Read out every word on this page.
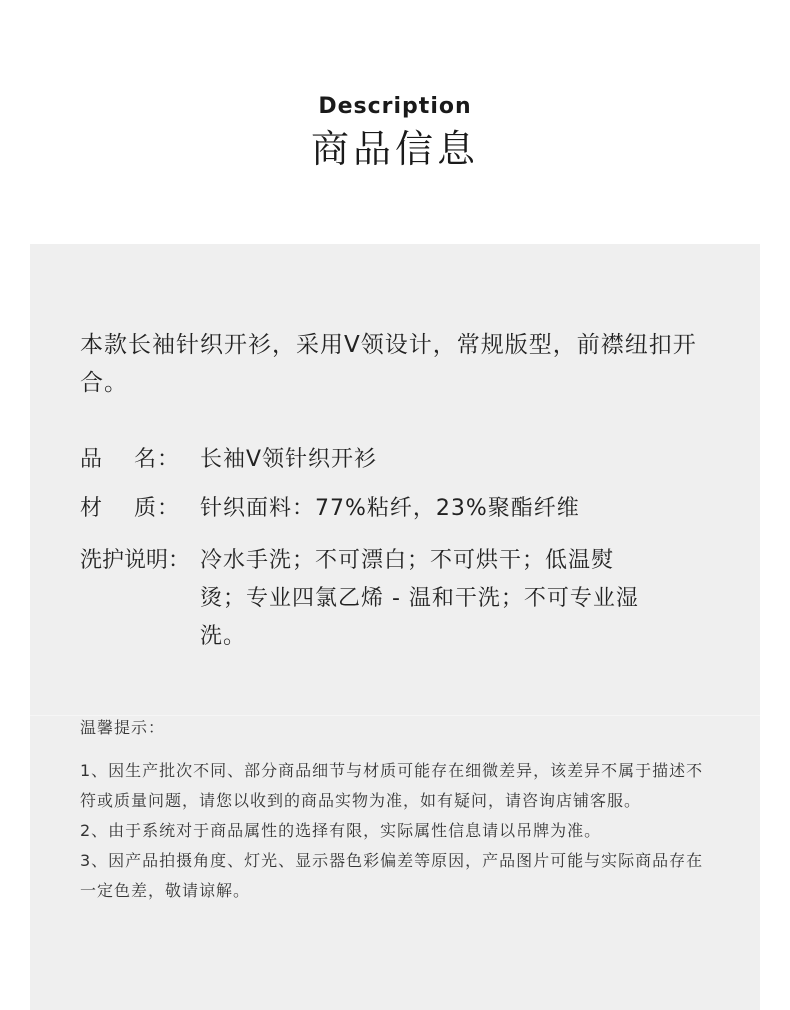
Description
商品信息

本款长袖针织开衫，采用V领设计，常规版型，前襟纽扣开合。

品　 名： 长袖V领针织开衫
材　 质： 针织面料：77%粘纤，23%聚酯纤维
洗护说明： 冷水手洗；不可漂白；不可烘干；低温熨烫；专业四氯乙烯 - 温和干洗；不可专业湿洗。
温馨提示：

1、因生产批次不同、部分商品细节与材质可能存在细微差异，该差异不属于描述不符或质量问题，请您以收到的商品实物为准，如有疑问，请咨询店铺客服。

2、由于系统对于商品属性的选择有限，实际属性信息请以吊牌为准。

3、因产品拍摄角度、灯光、显示器色彩偏差等原因，产品图片可能与实际商品存在一定色差，敬请谅解。
